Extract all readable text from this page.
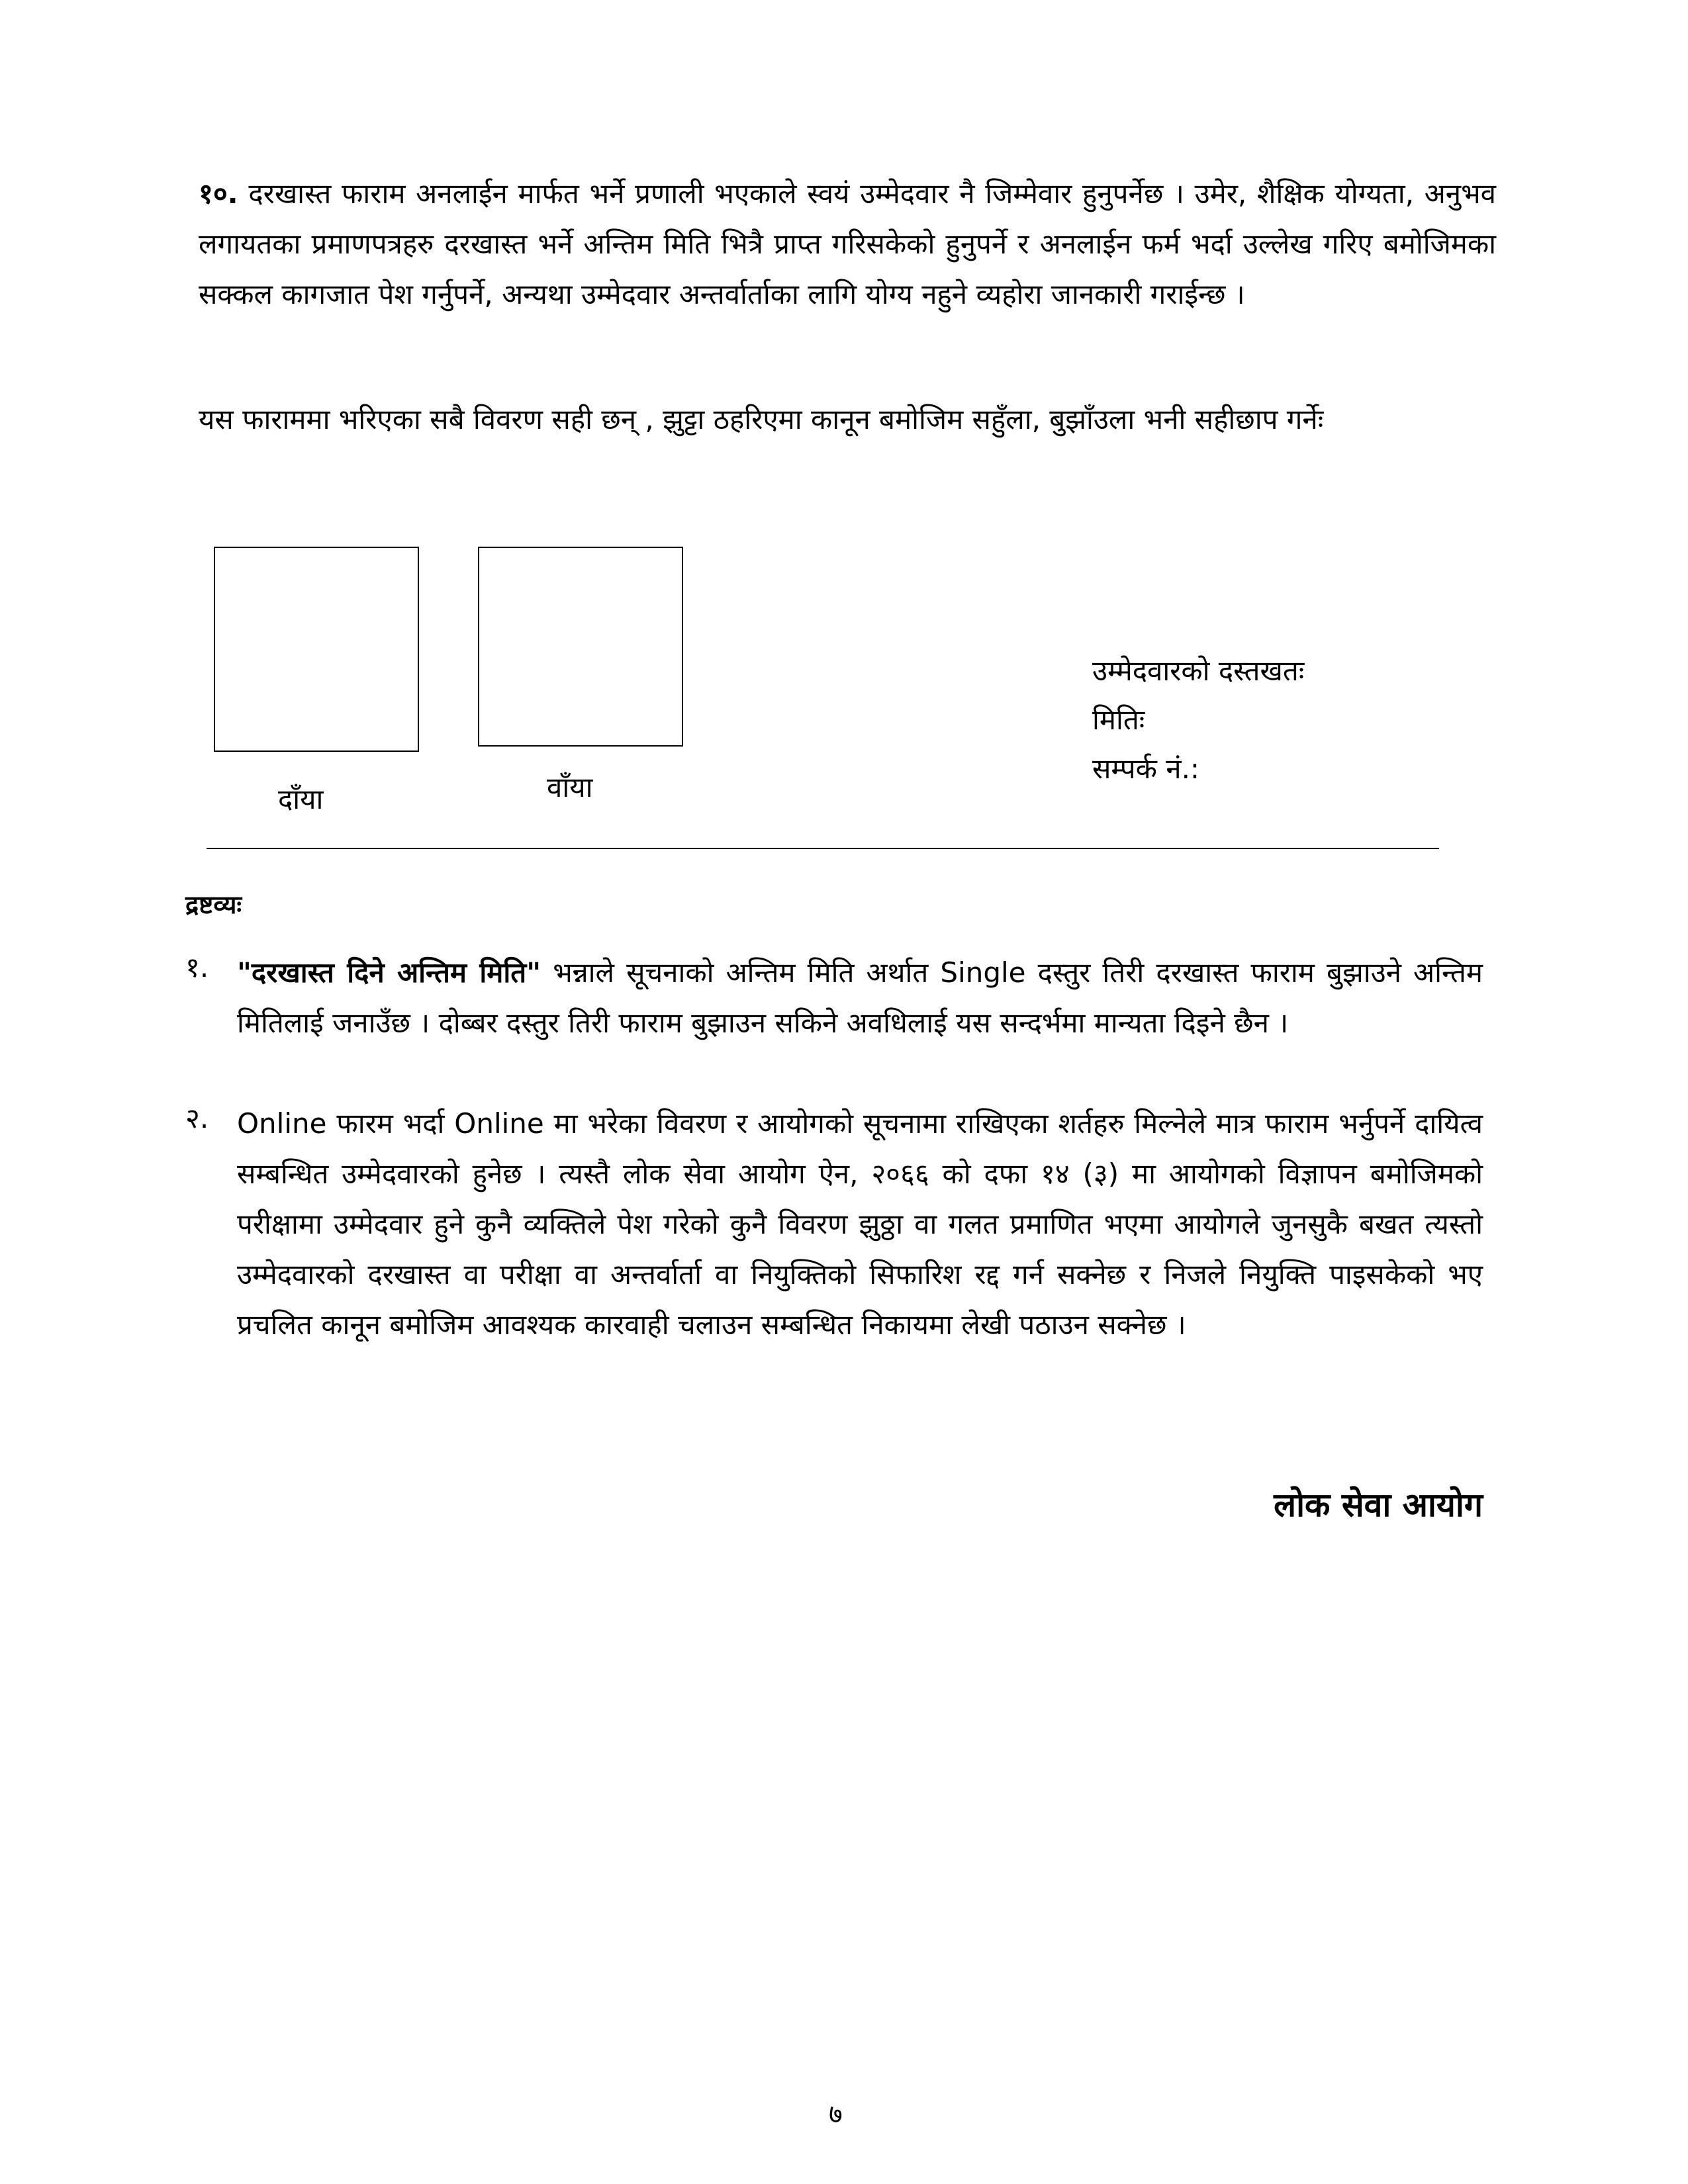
१०. दरखास्त फाराम अनलाईन मार्फत भर्ने प्रणाली भएकाले स्वयं उम्मेदवार नै जिम्मेवार हुनुपर्नेछ । उमेर, शैक्षिक योग्यता, अनुभव लगायतका प्रमाणपत्रहरु दरखास्त भर्ने अन्तिम मिति भित्रै प्राप्त गरिसकेको हुनुपर्ने र अनलाईन फर्म भर्दा उल्लेख गरिए बमोजिमका सक्कल कागजात पेश गर्नुपर्ने, अन्यथा उम्मेदवार अन्तर्वार्ताका लागि योग्य नहुने व्यहोरा जानकारी गराईन्छ ।
यस फाराममा भरिएका सबै विवरण सही छन् , झुट्टा ठहरिएमा कानून बमोजिम सहुँला, बुझाँउला भनी सहीछाप गर्नेः
दाँया	वाँया
उम्मेदवारको दस्तखतः
मितिः
सम्पर्क नं.:
द्रष्टव्यः
१. "दरखास्त दिने अन्तिम मिति" भन्नाले सूचनाको अन्तिम मिति अर्थात Single दस्तुर तिरी दरखास्त फाराम बुझाउने अन्तिम मितिलाई जनाउँछ । दोब्बर दस्तुर तिरी फाराम बुझाउन सकिने अवधिलाई यस सन्दर्भमा मान्यता दिइने छैन ।
२. Online फारम भर्दा Online मा भरेका विवरण र आयोगको सूचनामा राखिएका शर्तहरु मिल्नेले मात्र फाराम भर्नुपर्ने दायित्व सम्बन्धित उम्मेदवारको हुनेछ । त्यस्तै लोक सेवा आयोग ऐन, २०६६ को दफा १४ (३) मा आयोगको विज्ञापन बमोजिमको परीक्षामा उम्मेदवार हुने कुनै व्यक्तिले पेश गरेको कुनै विवरण झुठ्ठा वा गलत प्रमाणित भएमा आयोगले जुनसुकै बखत त्यस्तो उम्मेदवारको दरखास्त वा परीक्षा वा अन्तर्वार्ता वा नियुक्तिको सिफारिश रद्द गर्न सक्नेछ र निजले नियुक्ति पाइसकेको भए प्रचलित कानून बमोजिम आवश्यक कारवाही चलाउन सम्बन्धित निकायमा लेखी पठाउन सक्नेछ ।
लोक सेवा आयोग
७
